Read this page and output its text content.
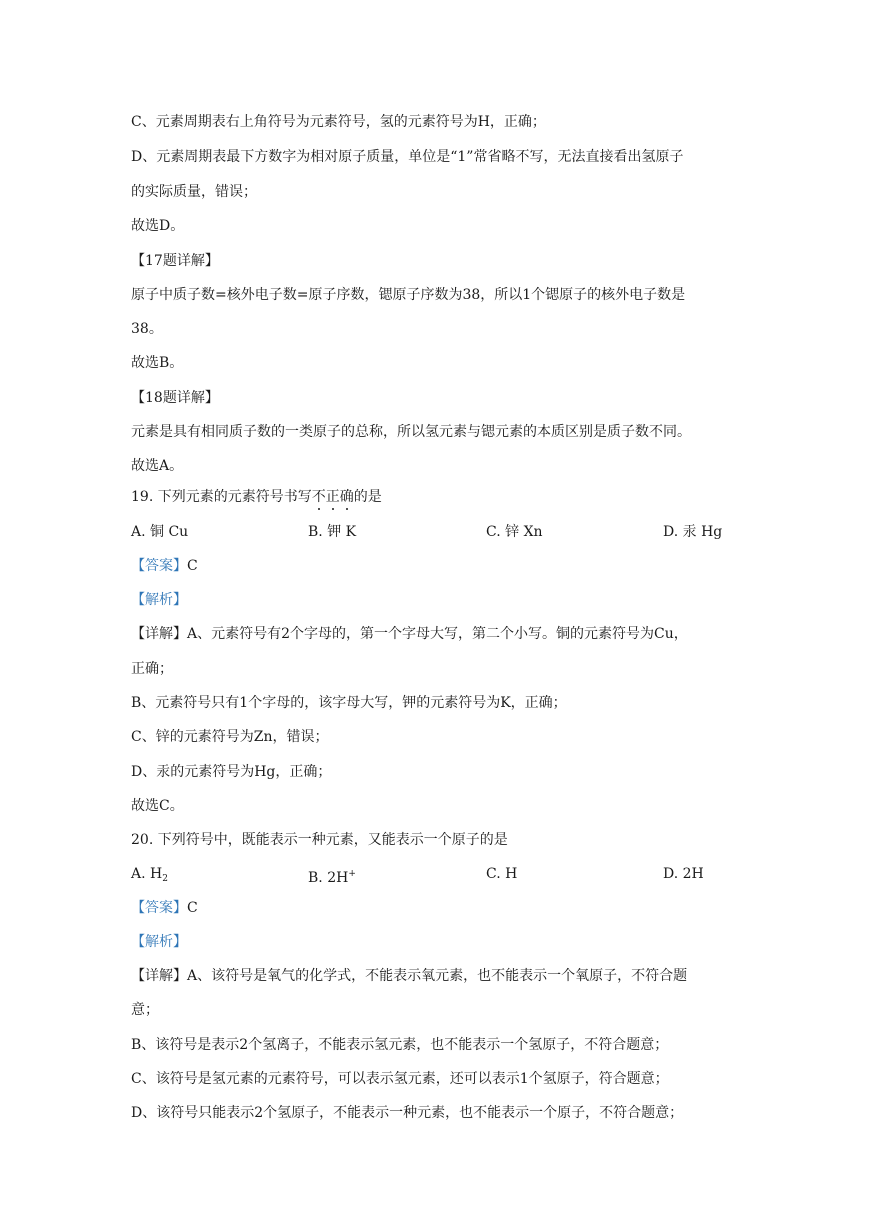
C、元素周期表右上角符号为元素符号，氢的元素符号为H，正确；
D、元素周期表最下方数字为相对原子质量，单位是“1”常省略不写，无法直接看出氢原子
的实际质量，错误；
故选D。
【17题详解】
原子中质子数=核外电子数=原子序数，锶原子序数为38，所以1个锶原子的核外电子数是
38。
故选B。
【18题详解】
元素是具有相同质子数的一类原子的总称，所以氢元素与锶元素的本质区别是质子数不同。
故选A。
19. 下列元素的元素符号书写不正确的是
A. 铜 Cu	B. 钾 K	C. 锌 Xn	D. 汞 Hg
【答案】C
【解析】
【详解】A、元素符号有2个字母的，第一个字母大写，第二个小写。铜的元素符号为Cu，
正确；
B、元素符号只有1个字母的，该字母大写，钾的元素符号为K，正确；
C、锌的元素符号为Zn，错误；
D、汞的元素符号为Hg，正确；
故选C。
20. 下列符号中，既能表示一种元素，又能表示一个原子的是
A. $H_2$	B. 2H+	C. H	D. 2H
【答案】C
【解析】
【详解】A、该符号是氧气的化学式，不能表示氧元素，也不能表示一个氧原子，不符合题
意；
B、该符号是表示2个氢离子，不能表示氢元素，也不能表示一个氢原子，不符合题意；
C、该符号是氢元素的元素符号，可以表示氢元素，还可以表示1个氢原子，符合题意；
D、该符号只能表示2个氢原子，不能表示一种元素，也不能表示一个原子，不符合题意；
